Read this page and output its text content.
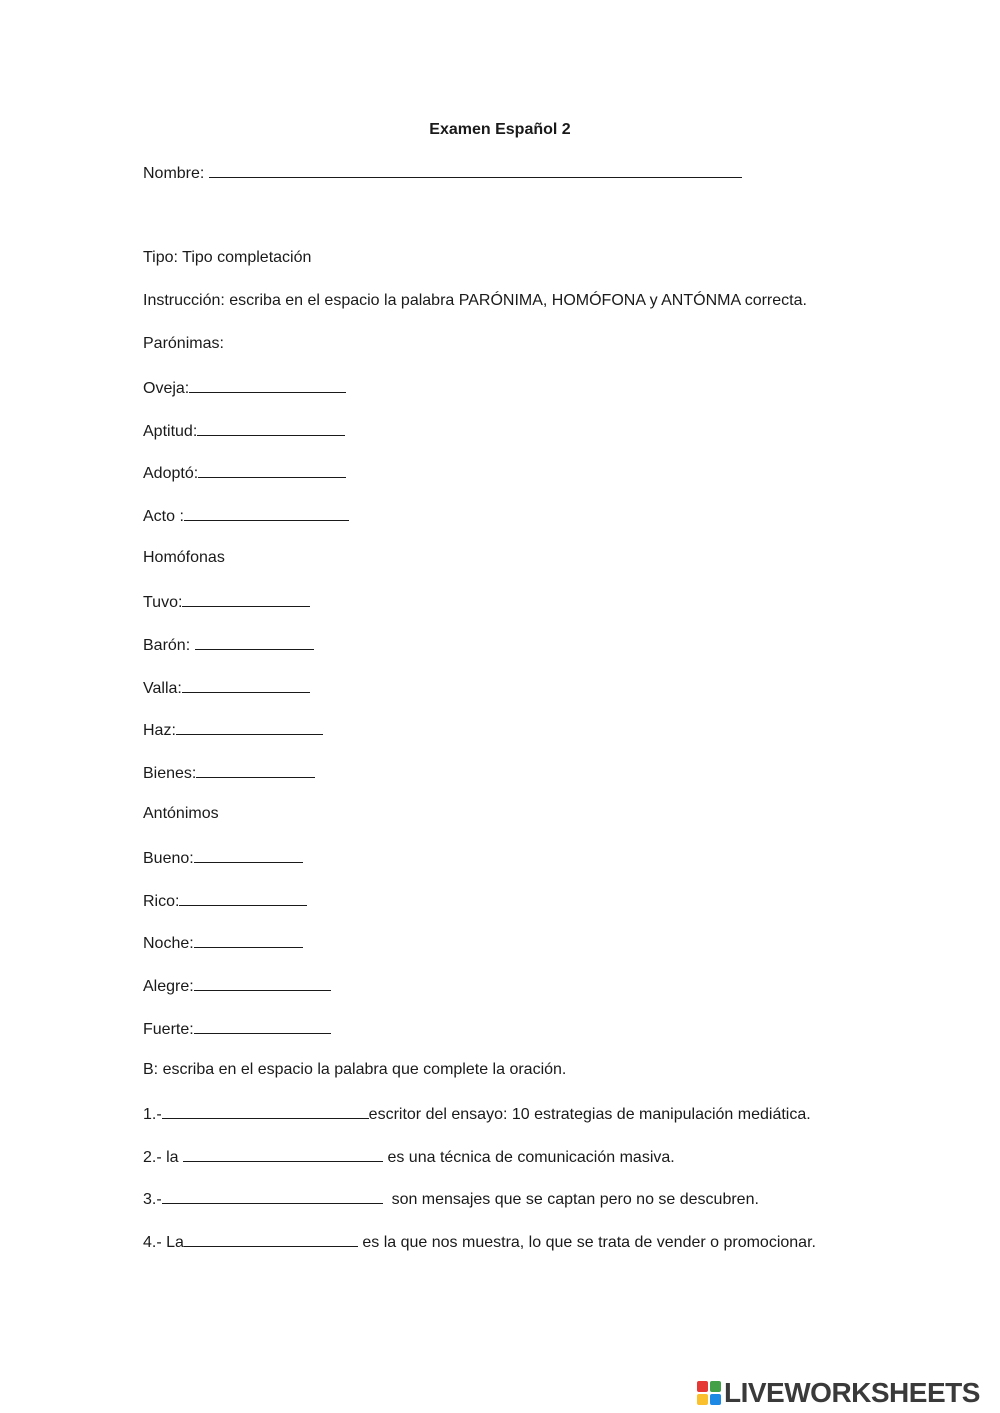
Examen Español 2
Nombre:
Tipo: Tipo completación
Instrucción: escriba en el espacio la palabra PARÓNIMA, HOMÓFONA y ANTÓNMA correcta.
Parónimas:
Oveja:
Aptitud:
Adoptó:
Acto :
Homófonas
Tuvo:
Barón:
Valla:
Haz:
Bienes:
Antónimos
Bueno:
Rico:
Noche:
Alegre:
Fuerte:
B: escriba en el espacio la palabra que complete la oración.
1.-	escritor del ensayo: 10 estrategias de manipulación mediática.
2.- la	es una técnica de comunicación masiva.
3.-	son mensajes que se captan pero no se descubren.
4.- La	es la que nos muestra, lo que se trata de vender o promocionar.
LIVEWORKSHEETS
